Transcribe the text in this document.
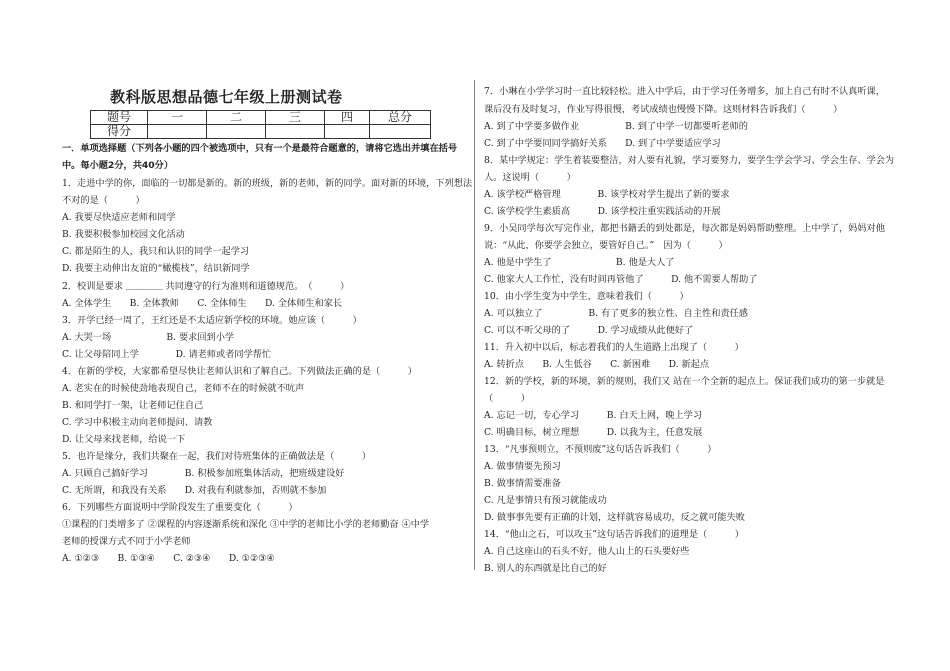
教科版思想品德七年级上册测试卷
题号	一	二	三	四	总分
得分					
一．单项选择题（下列各小题的四个被选项中，只有一个是最符合题意的，请将它选出并填在括号
中。每小题2分，共40分）
1．走进中学的你，面临的一切都是新的。新的班级，新的老师，新的同学。面对新的环境，下列想法
不对的是（　　　）
A. 我要尽快适应老师和同学
B. 我要积极参加校园文化活动
C. 都是陌生的人，我只和认识的同学一起学习
D. 我要主动伸出友谊的“橄榄枝”，结识新同学
2．校训是要求 ＿＿＿＿ 共同遵守的行为准则和道德规范。　（　　　）
A. 全体学生　　B. 全体教师　　C. 全体师生　　D. 全体师生和家长
3．开学已经一周了，王红还是不太适应新学校的环境。她应该（　　　）
A. 大哭一场　　　　　　B. 要求回到小学
C. 让父母陪同上学　　　　D. 请老师或者同学帮忙
4．在新的学校，大家都希望尽快让老师认识和了解自己。下列做法正确的是（　　　）
A. 老实在的时候使劲地表现自己，老师不在的时候就不吭声
B. 和同学打一架，让老师记住自己
C. 学习中积极主动向老师提问、请教
D. 让父母来找老师，给说一下
5．也许是缘分，我们共聚在一起，我们对待班集体的正确做法是（　　　）
A. 只顾自己搞好学习　　　　B. 积极参加班集体活动，把班级建设好
C. 无所谓，和我没有关系　　D. 对我有利就参加，否则就不参加
6．下列哪些方面说明中学阶段发生了重要变化（　　　）
①课程的门类增多了 ②课程的内容逐渐系统和深化 ③中学的老师比小学的老师勤奋 ④中学
老师的授课方式不同于小学老师
A. ①②③　　B. ①③④　　C. ②③④　　D. ①②③④
7．小琳在小学学习时一直比较轻松。进入中学后，由于学习任务增多，加上自己有时不认真听课，
课后没有及时复习，作业写得很慢，考试成绩也慢慢下降。这则材料告诉我们（　　　）
A. 到了中学要多做作业　　　　　B. 到了中学一切都要听老师的
C. 到了中学要同同学搞好关系　　D. 到了中学要适应学习
8．某中学规定：学生着装要整洁，对人要有礼貌，学习要努力，要学生学会学习、学会生存、学会为
人。这说明（　　　）
A. 该学校严格管理　　　　B. 该学校对学生提出了新的要求
C. 该学校学生素质高　　　D. 该学校注重实践活动的开展
9．小吴同学每次写完作业，都把书籍丢的到处都是，每次都是妈妈帮助整理。上中学了，妈妈对他
说：“从此，你要学会独立，要管好自己。”　因为（　　　）
A. 他是中学生了　　　　　　　B. 他是大人了
C. 他家大人工作忙，没有时间再管他了　　　D. 他不需要人帮助了
10．由小学生变为中学生，意味着我们（　　　）
A. 可以独立了　　　　　B. 有了更多的独立性、自主性和责任感
C. 可以不听父母的了　　　D. 学习成绩从此便好了
11．升入初中以后，标志着我们的人生道路上出现了（　　　）
A. 转折点　　B. 人生低谷　　C. 新困难　　D. 新起点
12．新的学校，新的环境，新的规则，我们又 站在一个全新的起点上。保证我们成功的第一步就是
（　　　）
A. 忘记一切，专心学习　　　B. 白天上网，晚上学习
C. 明确目标，树立理想　　　D. 以我为主，任意发展
13．“凡事预则立，不预则废”这句话告诉我们（　　　）
A. 做事情要先预习
B. 做事情需要准备
C. 凡是事情只有预习就能成功
D. 做事事先要有正确的计划，这样就容易成功，反之就可能失败
14．“他山之石，可以攻玉”这句话告诉我们的道理是（　　　）
A. 自己这座山的石头不好，他人山上的石头要好些
B. 别人的东西就是比自己的好
